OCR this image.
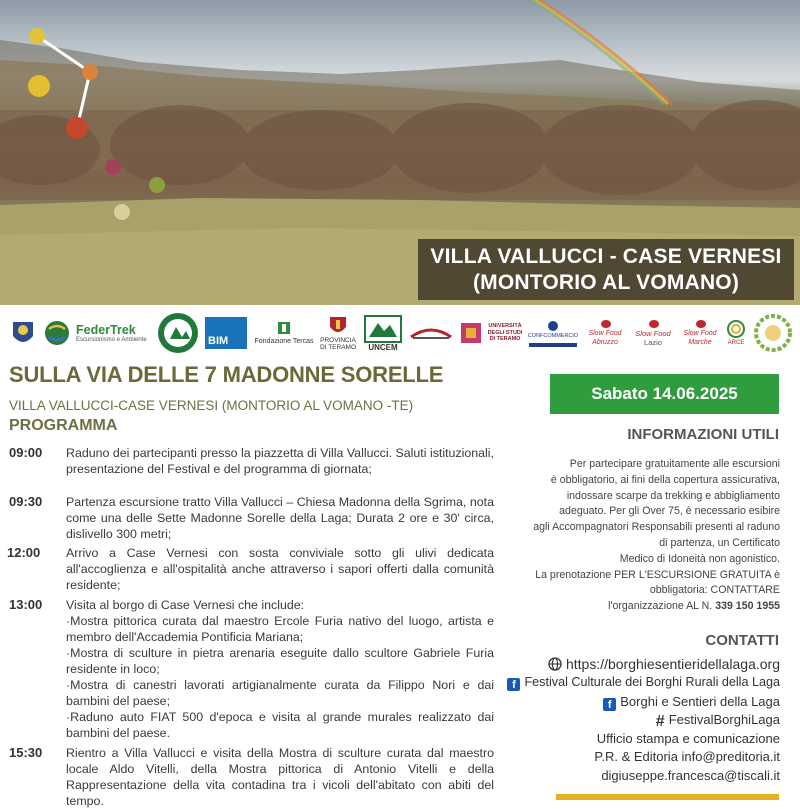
VILLA VALLUCCI - CASE VERNESI
(MONTORIO AL VOMANO)
FederTrek
Escursionismo e Ambiente	BIM	Fondazione Tercas PROVINCIA
DI TERAMO UNCEM
UNIVERSITÀ DEGLI STUDI DI TERAMO
CONFCOMMERCIO	Slow Food Abruzzo
Slow Food
Lazio
Slow Food Marche	ARCE
SULLA VIA DELLE 7 MADONNE SORELLE
VILLA VALLUCCI-CASE VERNESI (MONTORIO AL VOMANO -TE)
PROGRAMMA
09:00 Raduno dei partecipanti presso la piazzetta di Villa Vallucci. Saluti istituzionali, presentazione del Festival e del programma di giornata;
09:30 Partenza escursione tratto Villa Vallucci – Chiesa Madonna della Sgrima, nota come una delle Sette Madonne Sorelle della Laga; Durata 2 ore e 30' circa, dislivello 300 metri;
12:00 Arrivo a Case Vernesi con sosta conviviale sotto gli ulivi dedicata all'accoglienza e all'ospitalità anche attraverso i sapori offerti dalla comunità residente;
13:00 Visita al borgo di Case Vernesi che include:
·Mostra pittorica curata dal maestro Ercole Furia nativo del luogo, artista e membro dell'Accademia Pontificia Mariana;
·Mostra di sculture in pietra arenaria eseguite dallo scultore Gabriele Furia residente in loco;
·Mostra di canestri lavorati artigianalmente curata da Filippo Nori e dai bambini del paese;
·Raduno auto FIAT 500 d'epoca e visita al grande murales realizzato dai bambini del paese.
15:30 Rientro a Villa Vallucci e visita della Mostra di sculture curata dal maestro locale Aldo Vitelli, della Mostra pittorica di Antonio Vitelli e della Rappresentazione della vita contadina tra i vicoli dell'abitato con abiti del tempo.
Sabato 14.06.2025
INFORMAZIONI UTILI
Per partecipare gratuitamente alle escursioni
è obbligatorio, ai fini della copertura assicurativa,
indossare scarpe da trekking e abbigliamento
adeguato. Per gli Over 75, è necessario esibire
agli Accompagnatori Responsabili presenti al raduno
di partenza, un Certificato
Medico di Idoneità non agonistico.
La prenotazione PER L'ESCURSIONE GRATUITA è
obbligatoria: CONTATTARE
l'organizzazione AL N. 339 150 1955
CONTATTI
https://borghiesentieridellalaga.org
f Festival Culturale dei Borghi Rurali della Laga
f Borghi e Sentieri della Laga
# FestivalBorghiLaga
Ufficio stampa e comunicazione
P.R. & Editoria info@preditoria.it
digiuseppe.francesca@tiscali.it
